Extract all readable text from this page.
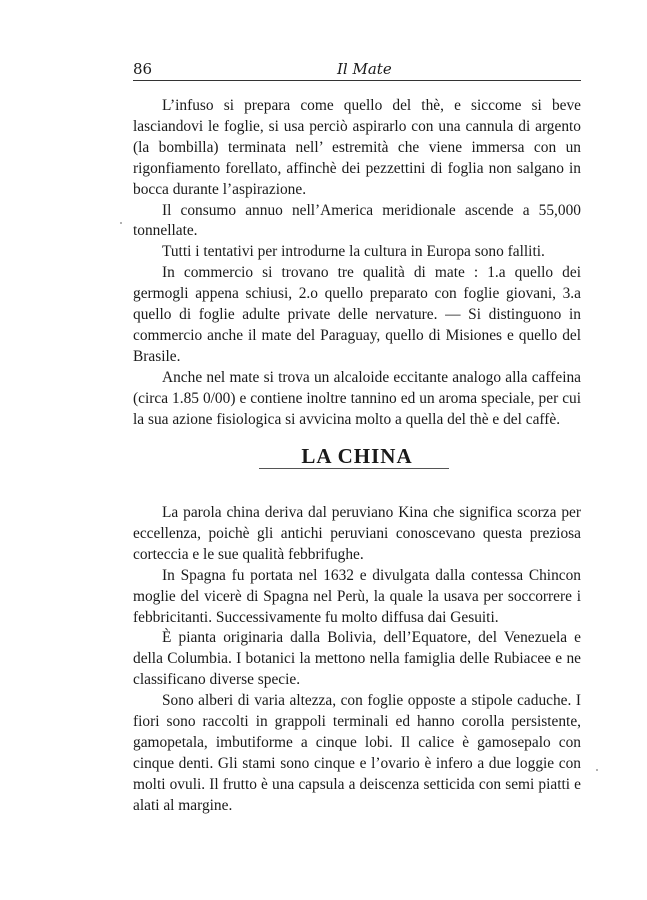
86	Il Mate

L’infuso si prepara come quello del thè, e siccome si beve lasciandovi le foglie, si usa perciò aspirarlo con una cannula di argento (la bombilla) terminata nell’ estremità che viene immersa con un rigonfiamento forellato, affinchè dei pezzettini di foglia non salgano in bocca durante l’aspirazione.

Il consumo annuo nell’America meridionale ascende a 55,000 tonnellate.

Tutti i tentativi per introdurne la cultura in Europa sono falliti.

In commercio si trovano tre qualità di mate : 1.a quello dei germogli appena schiusi, 2.o quello preparato con foglie giovani, 3.a quello di foglie adulte private delle nervature. — Si distinguono in commercio anche il mate del Paraguay, quello di Misiones e quello del Brasile.

Anche nel mate si trova un alcaloide eccitante analogo alla caffeina (circa 1.85 0/00) e contiene inoltre tannino ed un aroma speciale, per cui la sua azione fisiologica si avvicina molto a quella del thè e del caffè.

LA CHINA

La parola china deriva dal peruviano Kina che significa scorza per eccellenza, poichè gli antichi peruviani conoscevano questa preziosa corteccia e le sue qualità febbrifughe.

In Spagna fu portata nel 1632 e divulgata dalla contessa Chincon moglie del vicerè di Spagna nel Perù, la quale la usava per soccorrere i febbricitanti. Successivamente fu molto diffusa dai Gesuiti.

È pianta originaria dalla Bolivia, dell’Equatore, del Venezuela e della Columbia. I botanici la mettono nella famiglia delle Rubiacee e ne classificano diverse specie.

Sono alberi di varia altezza, con foglie opposte a stipole caduche. I fiori sono raccolti in grappoli terminali ed hanno corolla persistente, gamopetala, imbutiforme a cinque lobi. Il calice è gamosepalo con cinque denti. Gli stami sono cinque e l’ovario è infero a due loggie con molti ovuli. Il frutto è una capsula a deiscenza setticida con semi piatti e alati al margine.
